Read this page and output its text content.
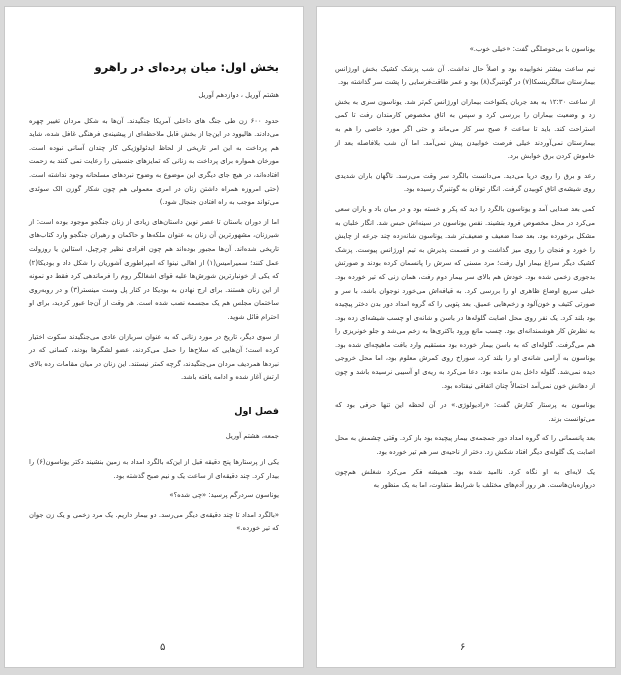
بخش اول: میان پرده‌ای در راهرو

هشتم آوریل ، دوازدهم آوریل

حدود ۶۰۰ زن طی جنگ های داخلی آمریکا جنگیدند. آن‌ها به شکل مردان تغییر چهره می‌دادند. هالیوود در این‌جا از بخش قابل ملاحظه‌ای از پیشینه‌ی فرهنگی غافل شده، شاید هم پرداخت به این امر تاریخی از لحاظ ایدئولوژیکی کار چندان آسانی نبوده است. مورخان همواره برای پرداخت به زنانی که تمایزهای جنسیتی را رعایت نمی کنند به زحمت افتاده‌اند، در هیچ جای دیگری این موضوع به وضوح نبردهای مسلحانه وجود نداشته است. (حتی امروزه همراه داشتن زنان در امری معمولی هم چون شکار گوزن الک سوئدی می‌تواند موجب به راه افتادن جنجال شود.)

اما از دوران باستان تا عصر نوین داستان‌های زیادی از زنان جنگجو موجود بوده است: از شیرزنان، مشهورترین آن زنان به عنوان ملکه‌ها و حاکمان و رهبران جنگجو وارد کتاب‌های تاریخی شده‌اند. آن‌ها مجبور بوده‌اند هم چون افرادی نظیر چرچیل، استالین یا روزولت عمل کنند؛ سمیرامیس(۱) از اهالی نینوا که امپراطوری آشوریان را شکل داد و بودیکا(۲) که یکی از خونبارترین شورش‌ها علیه قوای اشغالگر روم را فرماندهی کرد فقط دو نمونه از این زنان هستند. برای ارج نهادن به بودیکا در کنار پل وست مینستر(۳) و در روبه‌روی ساختمان مجلس هم یک مجسمه نصب شده است. هر وقت از آن‌جا عبور کردید، برای او احترام قائل شوید.

از سوی دیگر، تاریخ در مورد زنانی که به عنوان سربازان عادی می‌جنگیدند سکوت اختیار کرده است؛ آن‌هایی که سلاح‌ها را حمل می‌کردند، عضو لشگرها بودند، کسانی که در نبردها همردیف مردان می‌جنگیدند، گرچه کمتر نیستند. این زنان در میان مقامات رده بالای ارتش آغاز شده و ادامه یافته باشد.

فصل اول

جمعه، هشتم آوریل

یکی از پرستارها پنج دقیقه قبل از این‌که بالگرد امداد به زمین بنشیند دکتر یوناسون(۶) را بیدار کرد. چند دقیقه‌ای از ساعت یک و نیم صبح گذشته بود.

یوناسون سردرگم پرسید: «چی شده؟»

«بالگرد امداد تا چند دقیقه‌ی دیگر می‌رسد. دو بیمار داریم. یک مرد زخمی و یک زن جوان که تیر خورده.»

۵

یوناسون با بی‌حوصلگی گفت: «خیلی خوب.»

نیم ساعت بیشتر نخوابیده بود و اصلاً حال نداشت. آن شب پزشک کشیک بخش اورژانس بیمارستان سالگرینسکا(۷) در گوتنبرگ(۸) بود و عمر طاقت‌فرسایی را پشت سر گذاشته بود.

از ساعت ۱۲:۳۰ به بعد جریان یکنواخت بیماران اورژانس کم‌تر شد. یوناسون سری به بخش زد و وضعیت بیماران را بررسی کرد و سپس به اتاق مخصوص کارمندان رفت تا کمی استراحت کند. باید تا ساعت ۶ صبح سر کار می‌ماند و حتی اگر مورد خاصی را هم به بیمارستان نمی‌آوردند خیلی فرصت خوابیدن پیش نمی‌آمد. اما آن شب بلافاصله بعد از خاموش کردن برق خوابش برد.

رعد و برق را روی دریا می‌دید. می‌دانست بالگرد سر وقت می‌رسد. ناگهان باران شدیدی روی شیشه‌ی اتاق کوبیدن گرفت. انگار توفان به گوتنبرگ رسیده بود.

کمی بعد صدایی آمد و یوناسون بالگرد را دید که پکر و خسته بود و در میان باد و باران سعی می‌کرد در محل مخصوص فرود بنشیند. نفس یوناسون در سینه‌اش حبس شد. انگار خلبان به مشکل برخورده بود. بعد صدا ضعیف و ضعیف‌تر شد. یوناسون شانه‌زده چند جرعه از چایش را خورد و فنجان را روی میز گذاشت و در قسمت پذیرش به تیم اورژانس پیوست. پزشک کشیک دیگر سراغ بیمار اول رفت؛ مرد مسنی که سرش را پانسمان کرده بودند و صورتش بدجوری زخمی شده بود. خودش هم بالای سر بیمار دوم رفت، همان زنی که تیر خورده بود. خیلی سریع اوضاع ظاهری او را بررسی کرد. به قیافه‌اش می‌خورد نوجوان باشد، با سر و صورتی کثیف و خون‌آلود و زخم‌هایی عمیق. بعد پتویی را که گروه امداد دور بدن دختر پیچیده بود بلند کرد. یک نفر روی محل اصابت گلوله‌ها در باسن و شانه‌ی او چسب شیشه‌ای زده بود. به نظرش کار هوشمندانه‌ای بود. چسب مانع ورود باکتری‌ها به زخم می‌شد و جلو خونریزی را هم می‌گرفت. گلوله‌ای که به باسن بیمار خورده بود مستقیم وارد بافت ماهیچه‌ای شده بود. یوناسون به آرامی شانه‌ی او را بلند کرد، سوراخ روی کمرش معلوم بود، اما محل خروجی دیده نمی‌شد. گلوله داخل بدن مانده بود. دعا می‌کرد به ریه‌ی او آسیبی نرسیده باشد و چون از دهانش خون نمی‌آمد احتمالاً چنان اتفاقی نیفتاده بود.

یوناسون به پرستار کنارش گفت: «رادیولوژی.» در آن لحظه این تنها حرفی بود که می‌توانست بزند.

بعد پانسمانی را که گروه امداد دور جمجمه‌ی بیمار پیچیده بود باز کرد. وقتی چشمش به محل اصابت یک گلوله‌ی دیگر افتاد شکش زد. دختر از ناحیه‌ی سر هم تیر خورده بود.

یک لایه‌ای به او نگاه کرد. ناامید شده بود. همیشه فکر می‌کرد شغلش هم‌چون دروازه‌بان‌هاست. هر روز آدم‌های مختلف با شرایط متفاوت، اما به یک منظور به

۶
